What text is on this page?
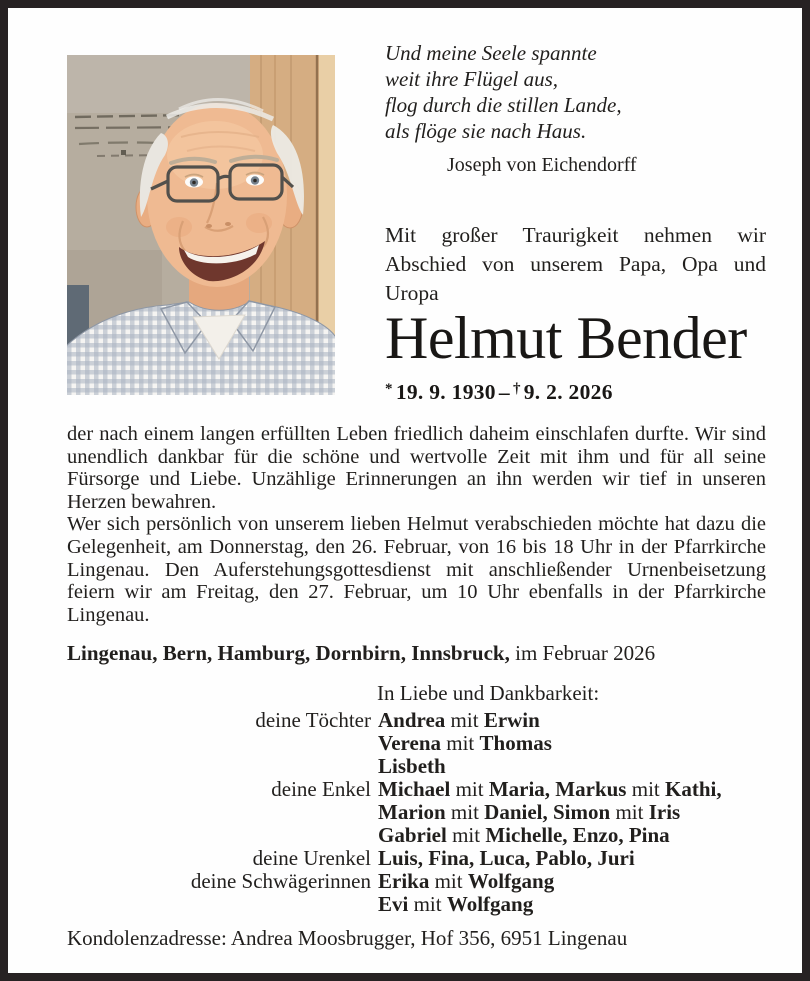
Und meine Seele spannte
weit ihre Flügel aus,
flog durch die stillen Lande,
als flöge sie nach Haus.
Joseph von Eichendorff
Mit großer Traurigkeit nehmen wir Abschied von unserem Papa, Opa und Uropa
Helmut Bender
* 19. 9. 1930 – † 9. 2. 2026

der nach einem langen erfüllten Leben friedlich daheim einschlafen durfte. Wir sind unendlich dankbar für die schöne und wertvolle Zeit mit ihm und für all seine Fürsorge und Liebe. Unzählige Erinnerungen an ihn werden wir tief in unseren Herzen bewahren.

Wer sich persönlich von unserem lieben Helmut verabschieden möchte hat dazu die Gelegenheit, am Donnerstag, den 26. Februar, von 16 bis 18 Uhr in der Pfarrkirche Lingenau. Den Auferstehungsgottesdienst mit anschließender Urnenbeisetzung feiern wir am Freitag, den 27. Februar, um 10 Uhr ebenfalls in der Pfarrkirche Lingenau.

Lingenau, Bern, Hamburg, Dornbirn, Innsbruck, im Februar 2026
In Liebe und Dankbarkeit:
deine Töchter Andrea mit Erwin
Verena mit Thomas
Lisbeth
deine Enkel Michael mit Maria, Markus mit Kathi,
Marion mit Daniel, Simon mit Iris
Gabriel mit Michelle, Enzo, Pina
deine Urenkel Luis, Fina, Luca, Pablo, Juri
deine Schwägerinnen Erika mit Wolfgang
Evi mit Wolfgang
Kondolenzadresse: Andrea Moosbrugger, Hof 356, 6951 Lingenau
